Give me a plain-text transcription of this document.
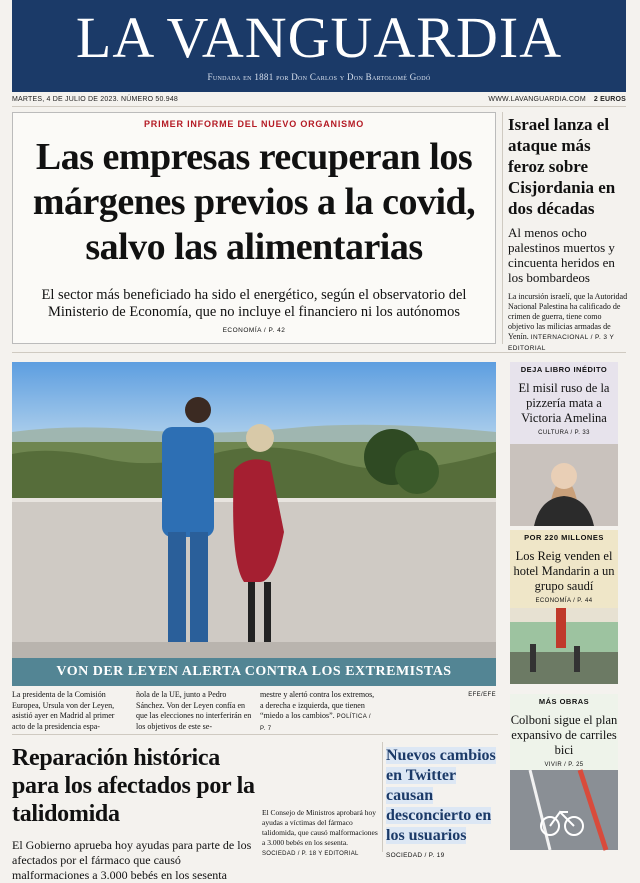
LA VANGUARDIA
Fundada en 1881 por Don Carlos y Don Bartolomé Godó
MARTES, 4 DE JULIO DE 2023. NÚMERO 50.948	WWW.LAVANGUARDIA.COM 2 EUROS
PRIMER INFORME DEL NUEVO ORGANISMO
Las empresas recuperan los márgenes previos a la covid, salvo las alimentarias
El sector más beneficiado ha sido el energético, según el observatorio del Ministerio de Economía, que no incluye el financiero ni los autónomos
ECONOMÍA / P. 42
Israel lanza el ataque más feroz sobre Cisjordania en dos décadas
Al menos ocho palestinos muertos y cincuenta heridos en los bombardeos
La incursión israelí, que la Autoridad Nacional Palestina ha calificado de crimen de guerra, tiene como objetivo las milicias armadas de Yenín. INTERNACIONAL / P. 3 Y EDITORIAL
VON DER LEYEN ALERTA CONTRA LOS EXTREMISTAS
La presidenta de la Comisión Europea, Ursula von der Leyen, asistió ayer en Madrid al primer acto de la presidencia espa-
ñola de la UE, junto a Pedro Sánchez. Von der Leyen confía en que las elecciones no interferirán en los objetivos de este se-
mestre y alertó contra los extremos, a derecha e izquierda, que tienen “miedo a los cambios”. POLÍTICA / P. 7
EFE/EFE
Reparación histórica para los afectados por la talidomida
El Gobierno aprueba hoy ayudas para parte de los afectados por el fármaco que causó malformaciones a 3.000 bebés en los sesenta
El Consejo de Ministros aprobará hoy ayudas a víctimas del fármaco talidomida, que causó malformaciones a 3.000 bebés en los sesenta. SOCIEDAD / P. 18 Y EDITORIAL
Nuevos cambios en Twitter causan desconcierto en los usuarios
SOCIEDAD / P. 19
DEJA LIBRO INÉDITO
El misil ruso de la pizzería mata a Victoria Amelina
CULTURA / P. 33
POR 220 MILLONES
Los Reig venden el hotel Mandarin a un grupo saudí
ECONOMÍA / P. 44
MÁS OBRAS
Colboni sigue el plan expansivo de carriles bici
VIVIR / P. 25
